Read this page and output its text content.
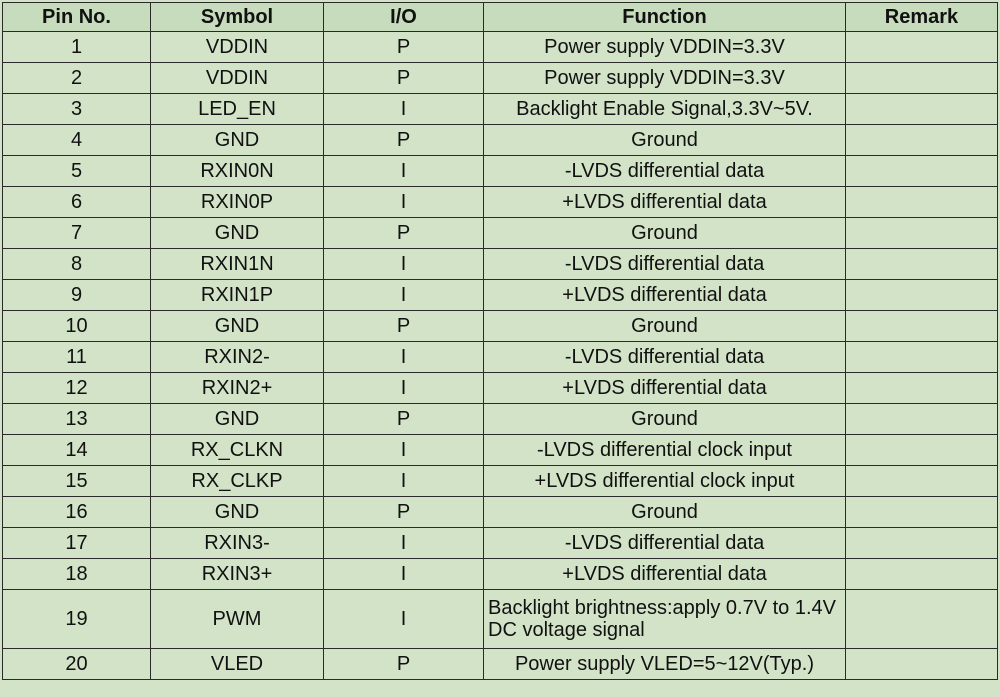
Pin No.	Symbol	I/O	Function	Remark
1	VDDIN	P	Power supply VDDIN=3.3V	
2	VDDIN	P	Power supply VDDIN=3.3V	
3	LED_EN	I	Backlight Enable Signal,3.3V~5V.	
4	GND	P	Ground	
5	RXIN0N	I	-LVDS differential data	
6	RXIN0P	I	+LVDS differential data	
7	GND	P	Ground	
8	RXIN1N	I	-LVDS differential data	
9	RXIN1P	I	+LVDS differential data	
10	GND	P	Ground	
11	RXIN2-	I	-LVDS differential data	
12	RXIN2+	I	+LVDS differential data	
13	GND	P	Ground	
14	RX_CLKN	I	-LVDS differential clock input	
15	RX_CLKP	I	+LVDS differential clock input	
16	GND	P	Ground	
17	RXIN3-	I	-LVDS differential data	
18	RXIN3+	I	+LVDS differential data	
19	PWM	I	Backlight brightness:apply 0.7V to 1.4V DC voltage signal	
20	VLED	P	Power supply VLED=5~12V(Typ.)	
